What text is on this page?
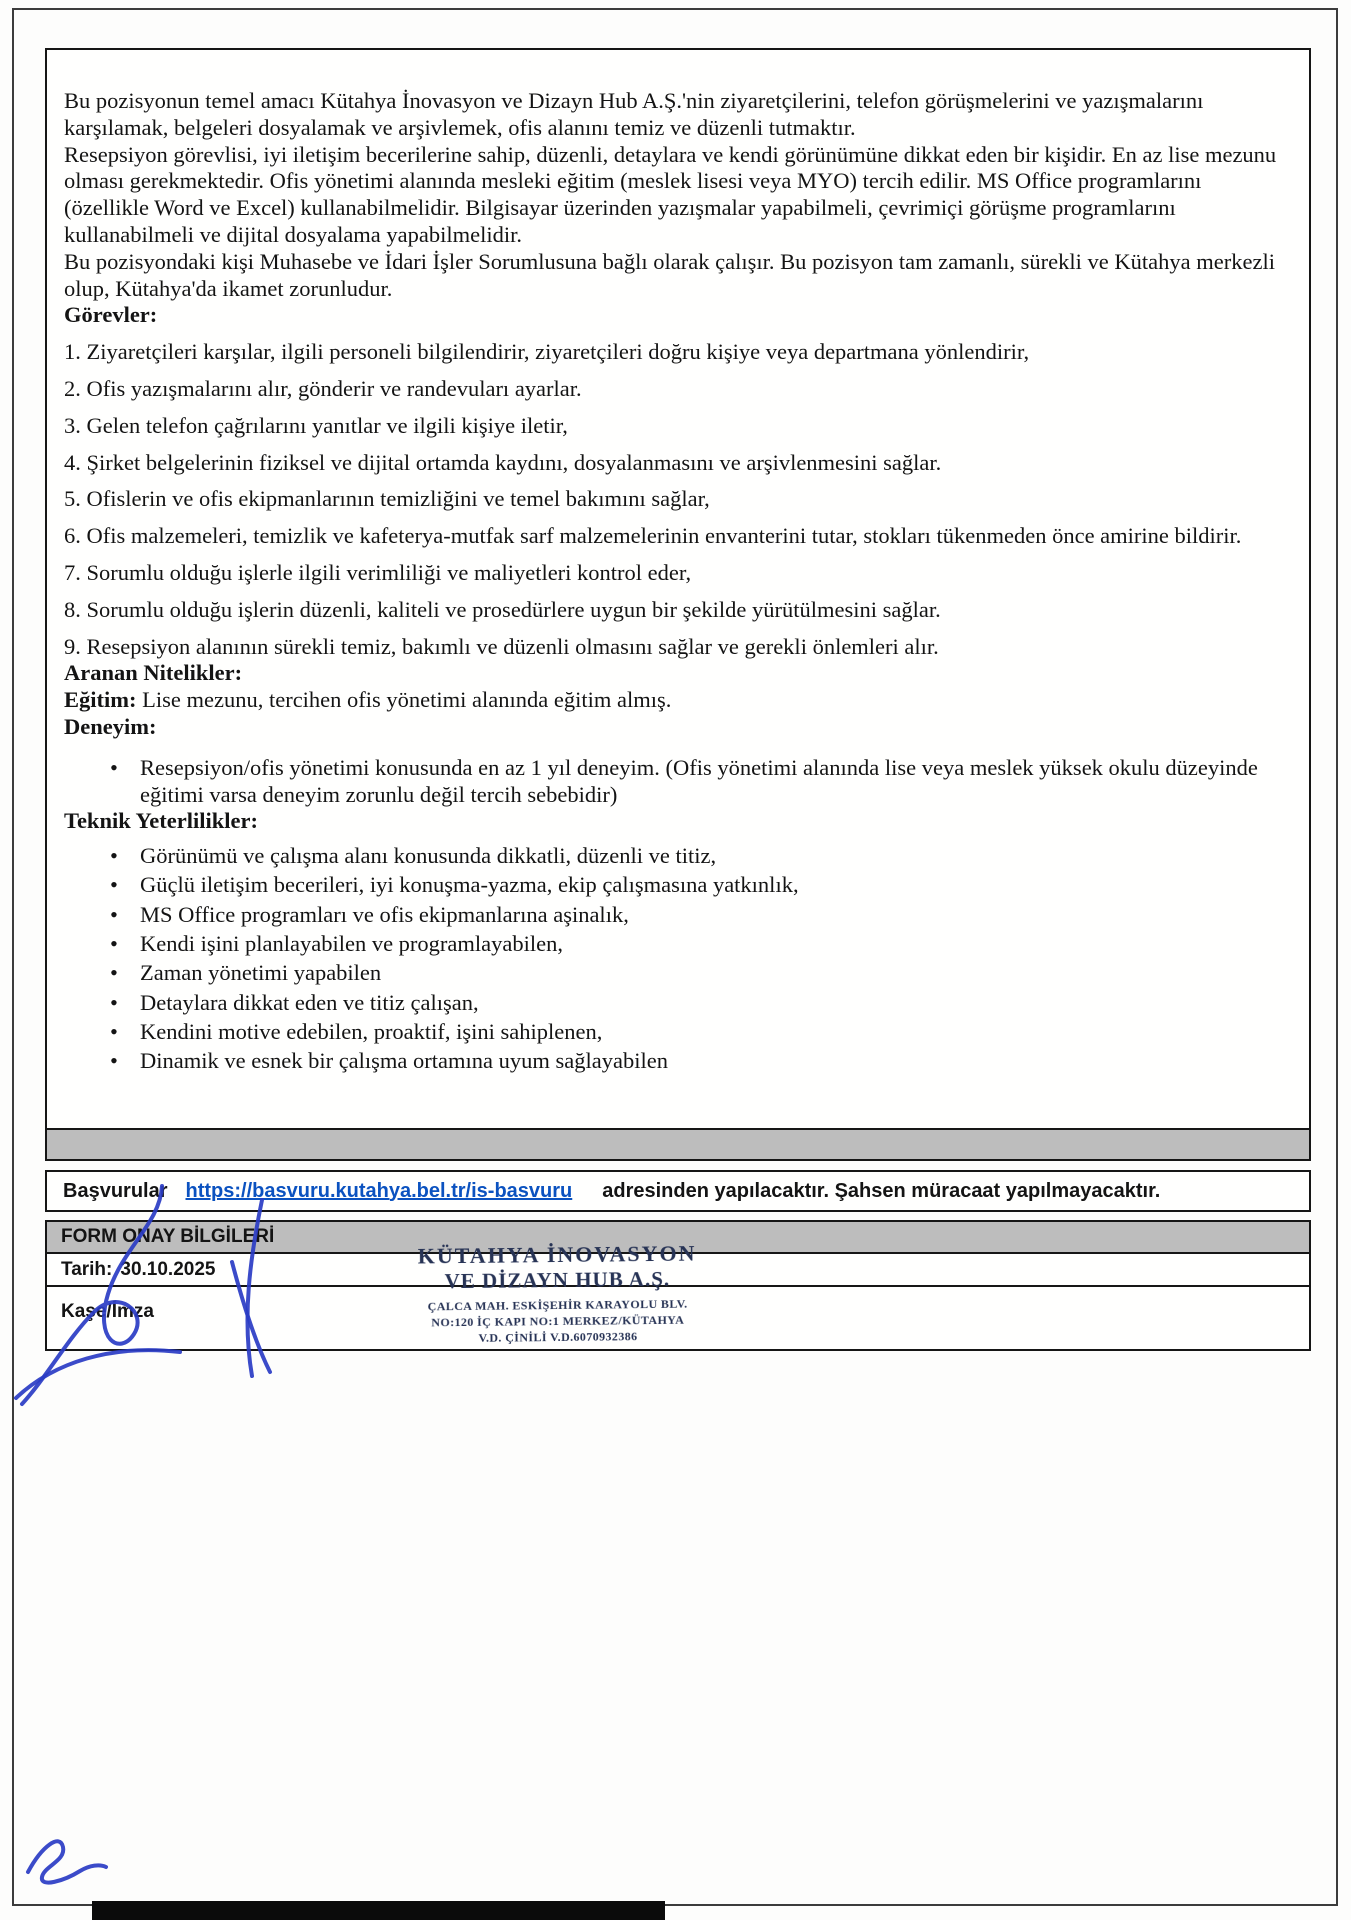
Bu pozisyonun temel amacı Kütahya İnovasyon ve Dizayn Hub A.Ş.'nin ziyaretçilerini, telefon görüşmelerini ve yazışmalarını karşılamak, belgeleri dosyalamak ve arşivlemek, ofis alanını temiz ve düzenli tutmaktır.

Resepsiyon görevlisi, iyi iletişim becerilerine sahip, düzenli, detaylara ve kendi görünümüne dikkat eden bir kişidir. En az lise mezunu olması gerekmektedir. Ofis yönetimi alanında mesleki eğitim (meslek lisesi veya MYO) tercih edilir. MS Office programlarını (özellikle Word ve Excel) kullanabilmelidir. Bilgisayar üzerinden yazışmalar yapabilmeli, çevrimiçi görüşme programlarını kullanabilmeli ve dijital dosyalama yapabilmelidir.

Bu pozisyondaki kişi Muhasebe ve İdari İşler Sorumlusuna bağlı olarak çalışır. Bu pozisyon tam zamanlı, sürekli ve Kütahya merkezli olup, Kütahya'da ikamet zorunludur.

Görevler:

1. Ziyaretçileri karşılar, ilgili personeli bilgilendirir, ziyaretçileri doğru kişiye veya departmana yönlendirir,

2. Ofis yazışmalarını alır, gönderir ve randevuları ayarlar.

3. Gelen telefon çağrılarını yanıtlar ve ilgili kişiye iletir,

4. Şirket belgelerinin fiziksel ve dijital ortamda kaydını, dosyalanmasını ve arşivlenmesini sağlar.

5. Ofislerin ve ofis ekipmanlarının temizliğini ve temel bakımını sağlar,

6. Ofis malzemeleri, temizlik ve kafeterya-mutfak sarf malzemelerinin envanterini tutar, stokları tükenmeden önce amirine bildirir.

7. Sorumlu olduğu işlerle ilgili verimliliği ve maliyetleri kontrol eder,

8. Sorumlu olduğu işlerin düzenli, kaliteli ve prosedürlere uygun bir şekilde yürütülmesini sağlar.

9. Resepsiyon alanının sürekli temiz, bakımlı ve düzenli olmasını sağlar ve gerekli önlemleri alır.

Aranan Nitelikler:

Eğitim: Lise mezunu, tercihen ofis yönetimi alanında eğitim almış.

Deneyim:

• Resepsiyon/ofis yönetimi konusunda en az 1 yıl deneyim. (Ofis yönetimi alanında lise veya meslek yüksek okulu düzeyinde eğitimi varsa deneyim zorunlu değil tercih sebebidir)

Teknik Yeterlilikler:

• Görünümü ve çalışma alanı konusunda dikkatli, düzenli ve titiz,
• Güçlü iletişim becerileri, iyi konuşma-yazma, ekip çalışmasına yatkınlık,
• MS Office programları ve ofis ekipmanlarına aşinalık,
• Kendi işini planlayabilen ve programlayabilen,
• Zaman yönetimi yapabilen
• Detaylara dikkat eden ve titiz çalışan,
• Kendini motive edebilen, proaktif, işini sahiplenen,
• Dinamik ve esnek bir çalışma ortamına uyum sağlayabilen
Başvurular https://basvuru.kutahya.bel.tr/is-basvuru adresinden yapılacaktır. Şahsen müracaat yapılmayacaktır.
FORM ONAY BİLGİLERİ
Tarih: 30.10.2025
Kaşe/İmza
KÜTAHYA İNOVASYON
VE DİZAYN HUB A.Ş.
ÇALCA MAH. ESKİŞEHİR KARAYOLU BLV.
NO:120 İÇ KAPI NO:1 MERKEZ/KÜTAHYA
V.D. ÇİNİLİ V.D.6070932386
